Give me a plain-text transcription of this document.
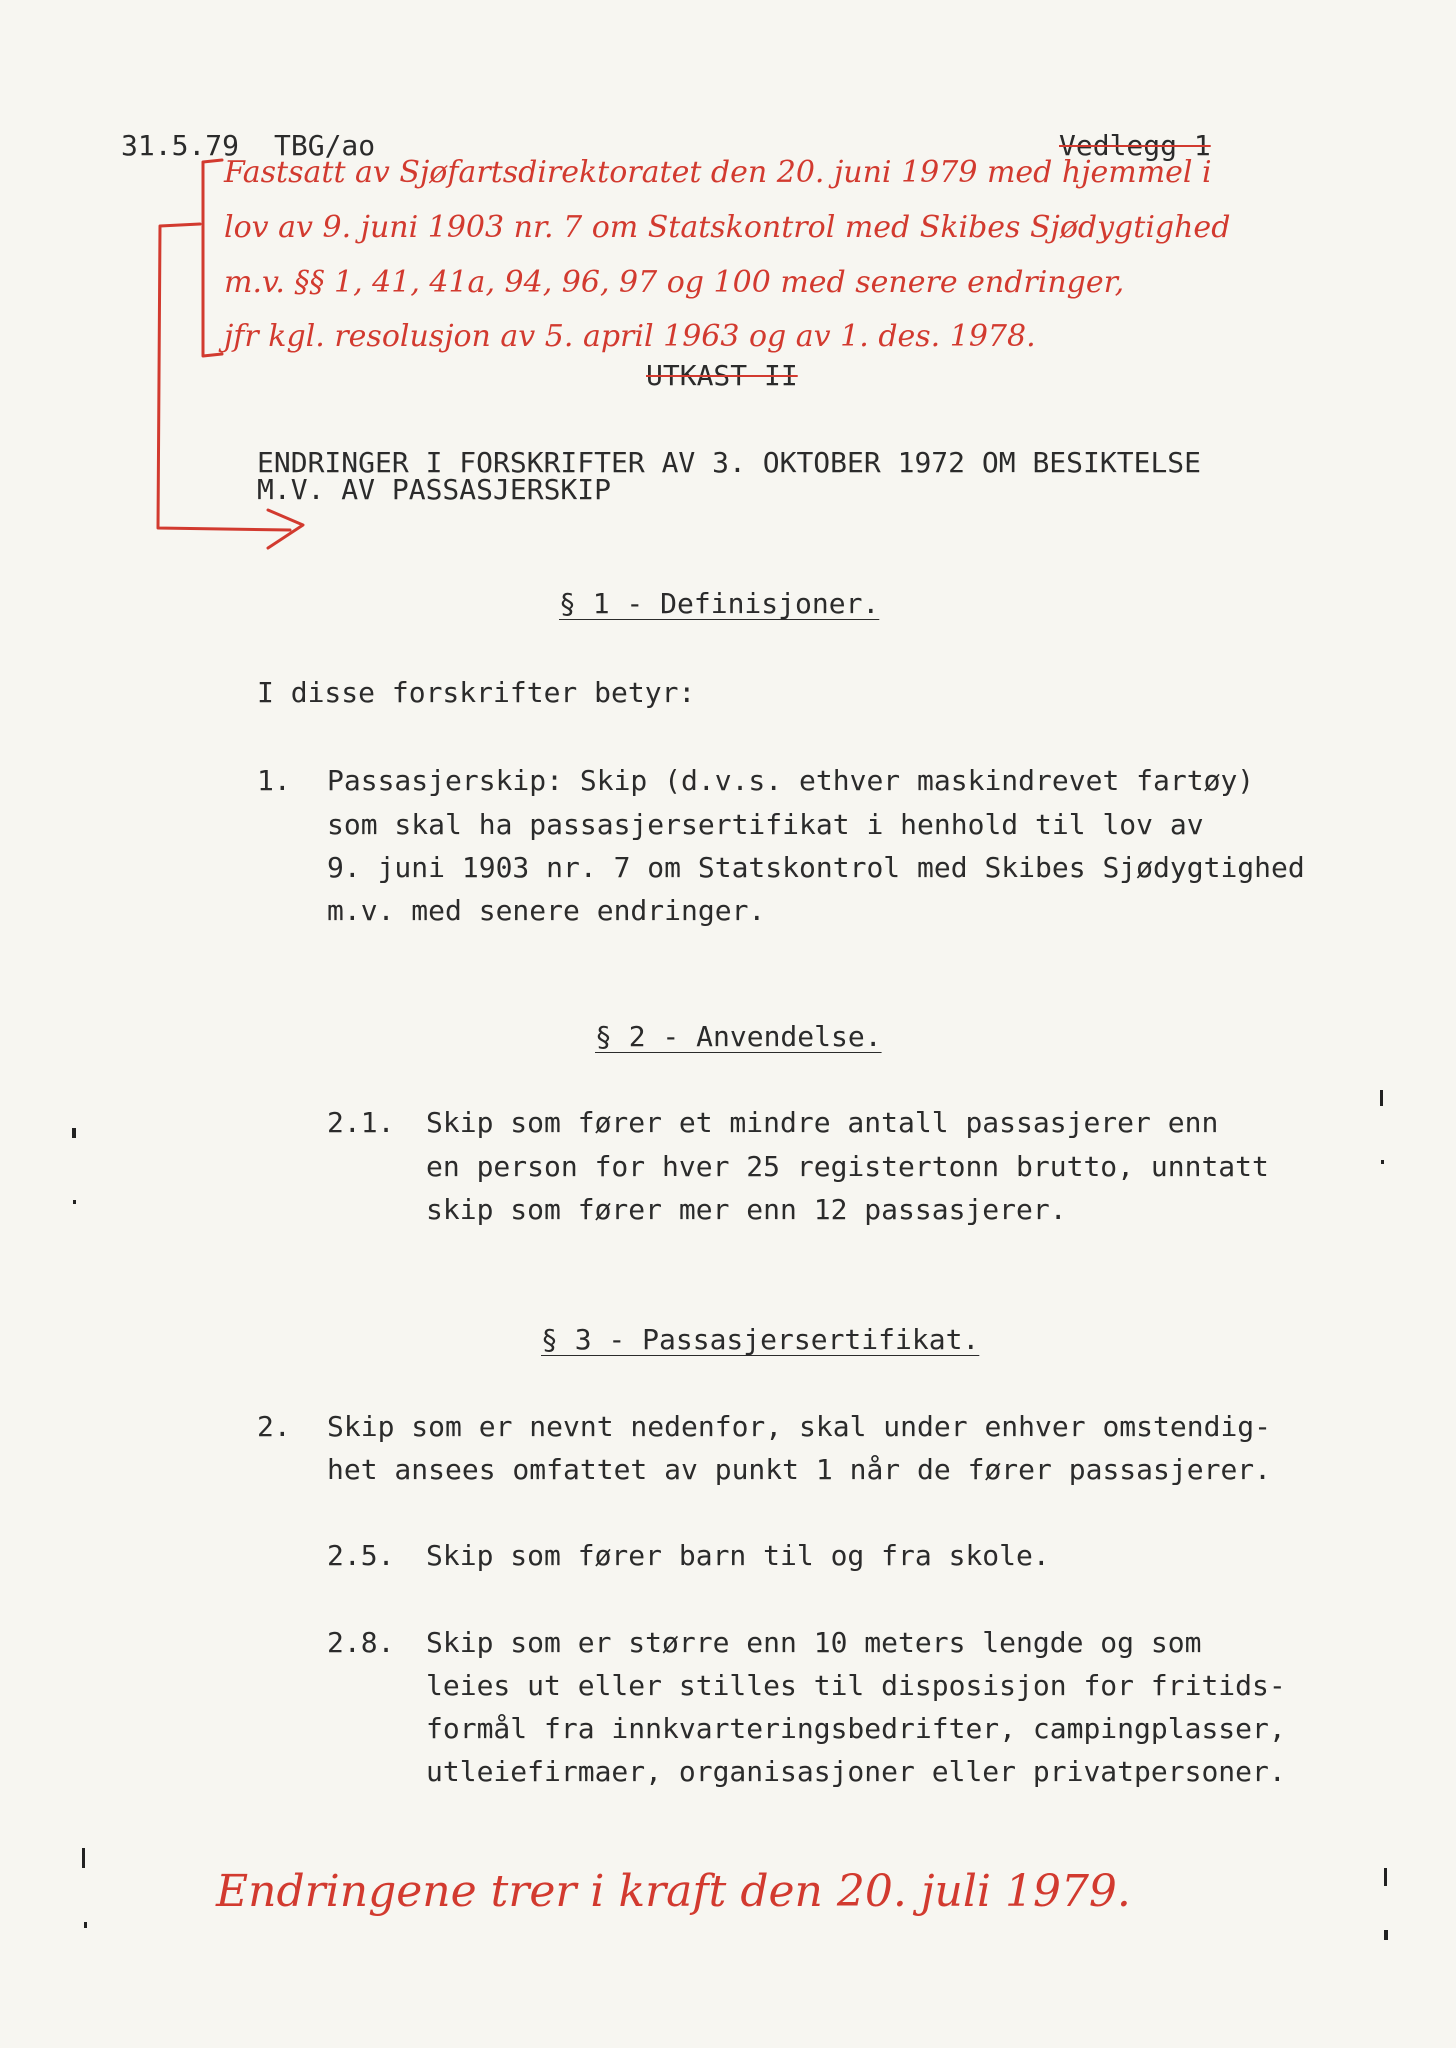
31.5.79 TBG/ao	Vedlegg 1
Fastsatt av Sjøfartsdirektoratet den 20. juni 1979 med hjemmel i
lov av 9. juni 1903 nr. 7 om Statskontrol med Skibes Sjødygtighed
m.v. §§ 1, 41, 41a, 94, 96, 97 og 100 med senere endringer,
jfr kgl. resolusjon av 5. april 1963 og av 1. des. 1978.
UTKAST II
ENDRINGER I FORSKRIFTER AV 3. OKTOBER 1972 OM BESIKTELSE
M.V. AV PASSASJERSKIP
§ 1 - Definisjoner.
I disse forskrifter betyr:
1. Passasjerskip: Skip (d.v.s. ethver maskindrevet fartøy)
som skal ha passasjersertifikat i henhold til lov av
9. juni 1903 nr. 7 om Statskontrol med Skibes Sjødygtighed
m.v. med senere endringer.
§ 2 - Anvendelse.
2.1. Skip som fører et mindre antall passasjerer enn
en person for hver 25 registertonn brutto, unntatt
skip som fører mer enn 12 passasjerer.
§ 3 - Passasjersertifikat.
2. Skip som er nevnt nedenfor, skal under enhver omstendig-
het ansees omfattet av punkt 1 når de fører passasjerer.
2.5. Skip som fører barn til og fra skole.
2.8. Skip som er større enn 10 meters lengde og som
leies ut eller stilles til disposisjon for fritids-
formål fra innkvarteringsbedrifter, campingplasser,
utleiefirmaer, organisasjoner eller privatpersoner.
Endringene trer i kraft den 20. juli 1979.
